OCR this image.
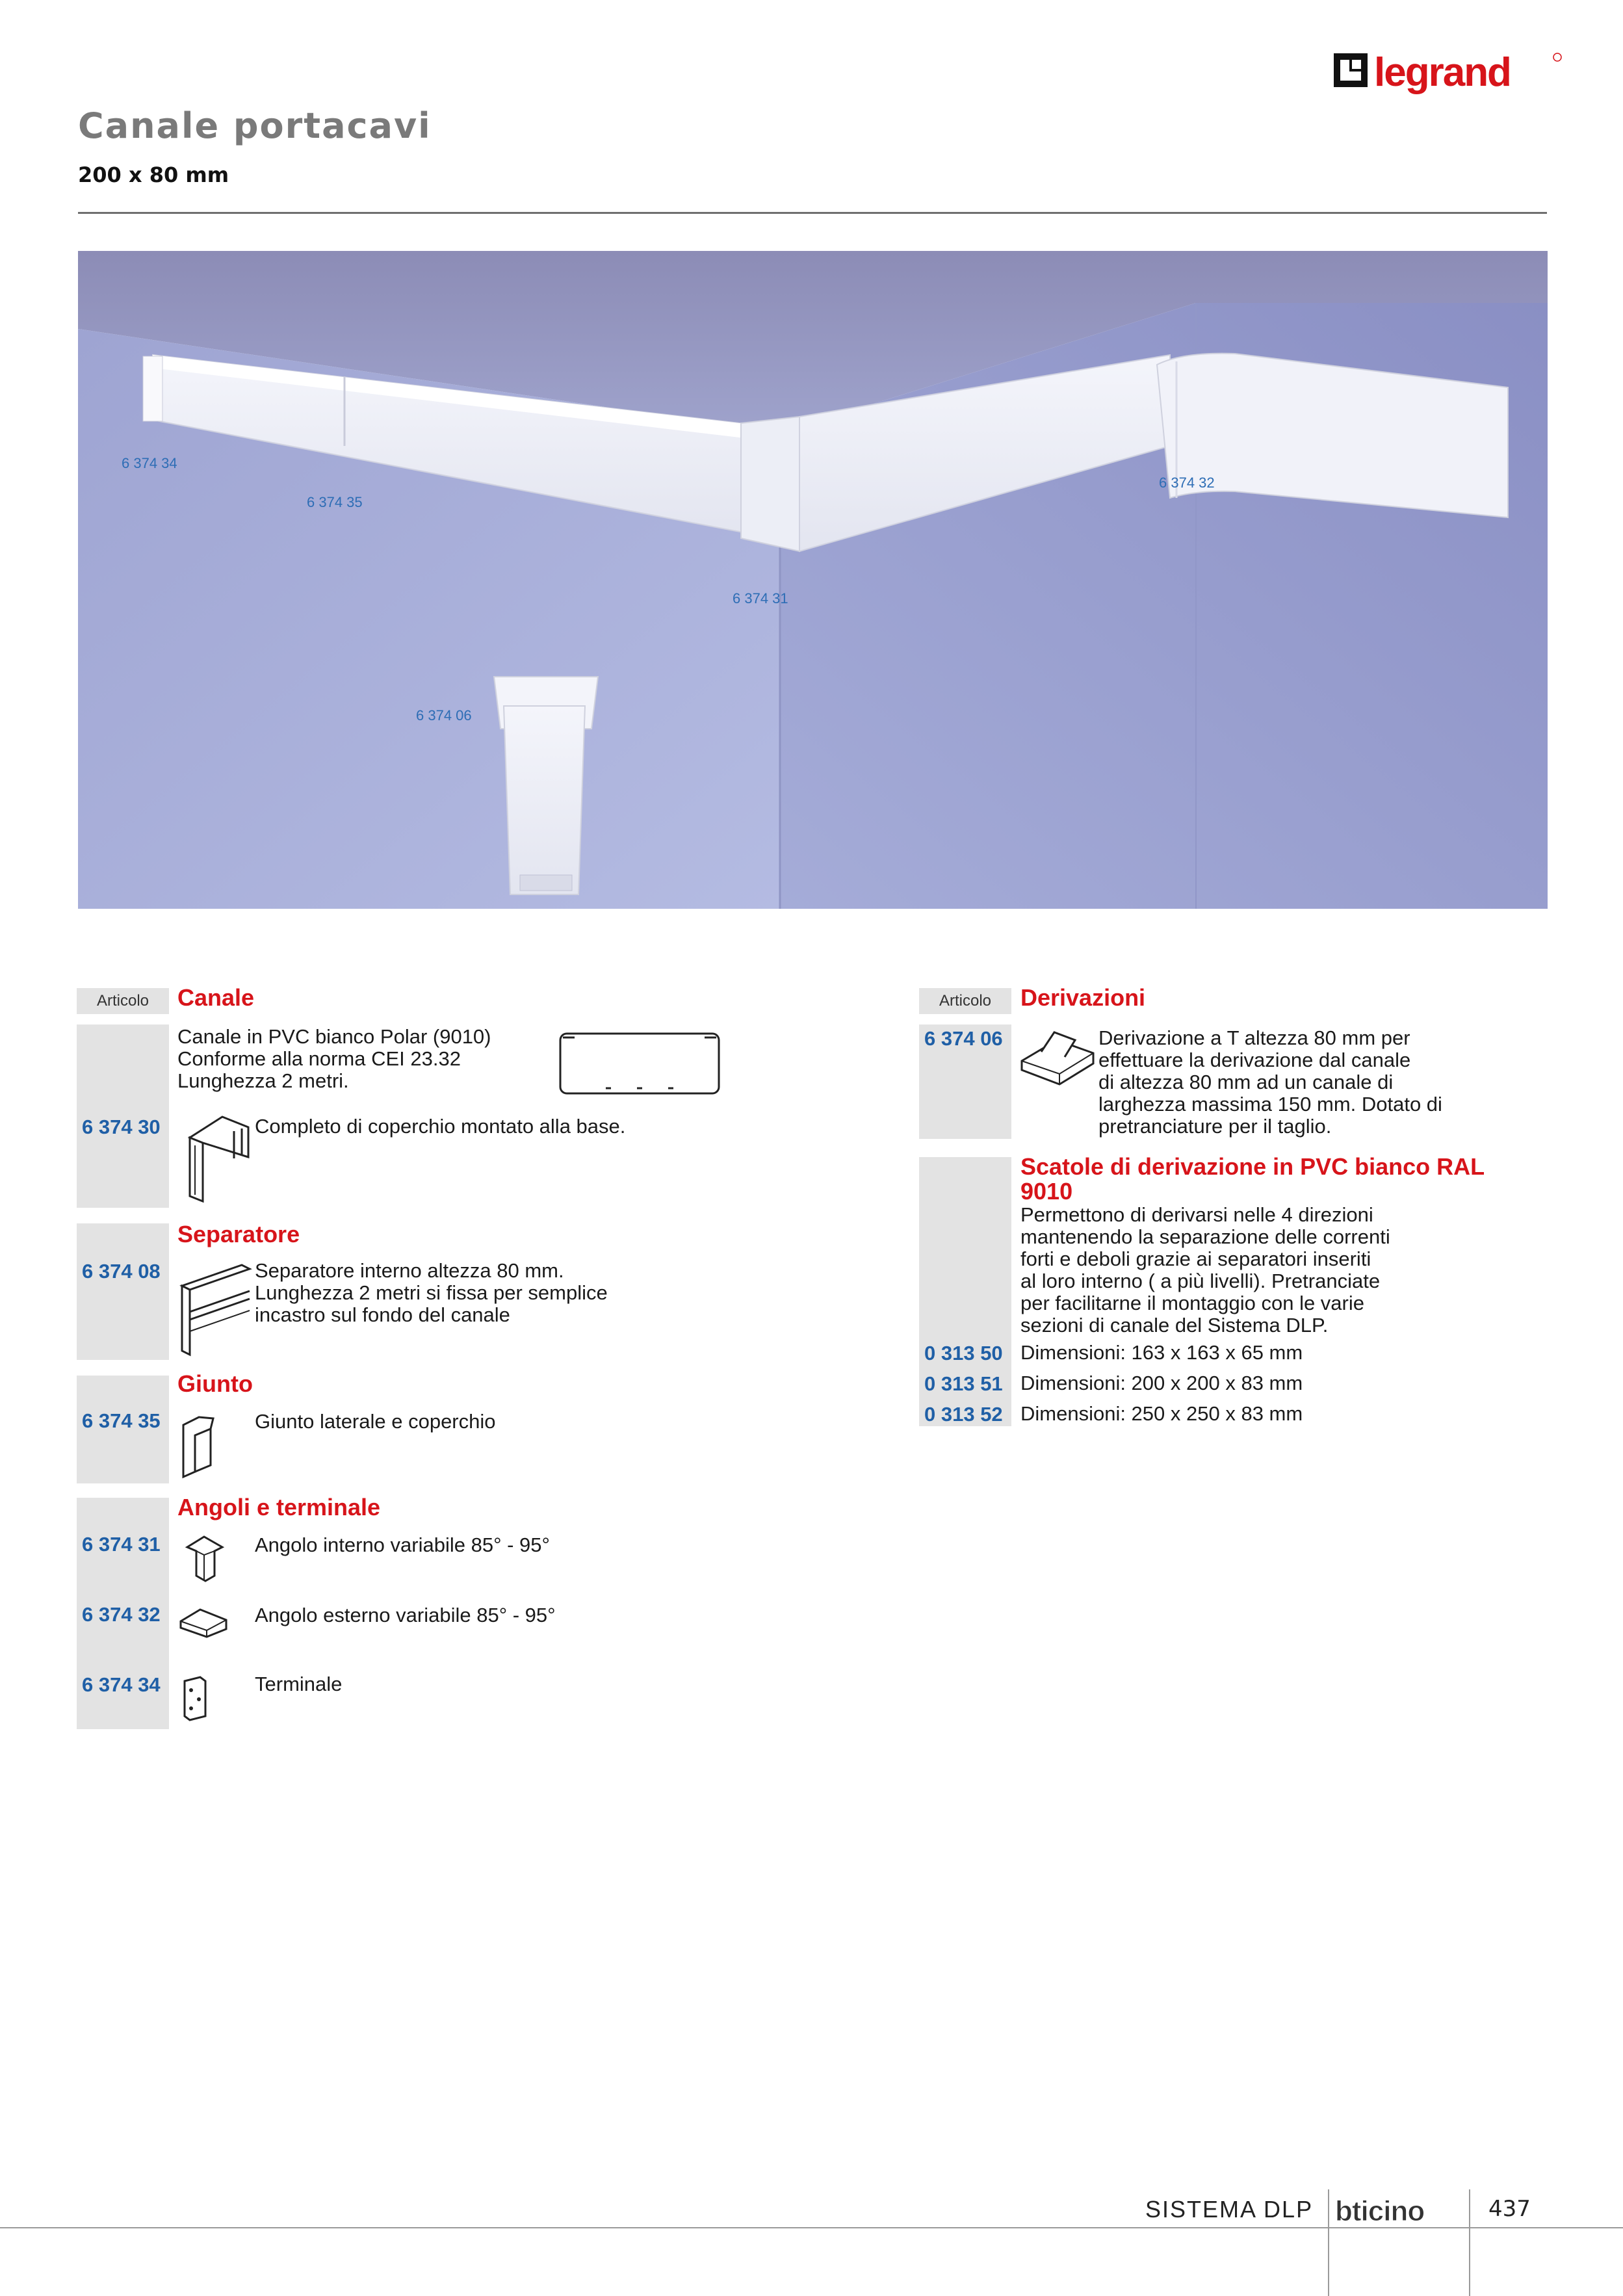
legrand
Canale portacavi
200 x 80 mm
6 374 34
6 374 35
6 374 31
6 374 32
6 374 06
Articolo	Canale
Canale in PVC bianco Polar (9010)
Conforme alla norma CEI 23.32
Lunghezza 2 metri.
6 374 30	Completo di coperchio montato alla base.
Separatore
6 374 08	Separatore interno altezza 80 mm.
Lunghezza 2 metri si fissa per semplice
incastro sul fondo del canale
Giunto
6 374 35	Giunto laterale e coperchio
Angoli e terminale
6 374 31	Angolo interno variabile 85° - 95°
6 374 32	Angolo esterno variabile 85° - 95°
6 374 34	Terminale
Articolo	Derivazioni
6 374 06	Derivazione a T altezza 80 mm per
effettuare la derivazione dal canale
di altezza 80 mm ad un canale di
larghezza massima 150 mm. Dotato di
pretranciature per il taglio.
Scatole di derivazione in PVC bianco RAL
9010
Permettono di derivarsi nelle 4 direzioni
mantenendo la separazione delle correnti
forti e deboli grazie ai separatori inseriti
al loro interno ( a più livelli). Pretranciate
per facilitarne il montaggio con le varie
sezioni di canale del Sistema DLP.
0 313 50 Dimensioni: 163 x 163 x 65 mm
0 313 51 Dimensioni: 200 x 200 x 83 mm
0 313 52 Dimensioni: 250 x 250 x 83 mm
SISTEMA DLP bticino	437
